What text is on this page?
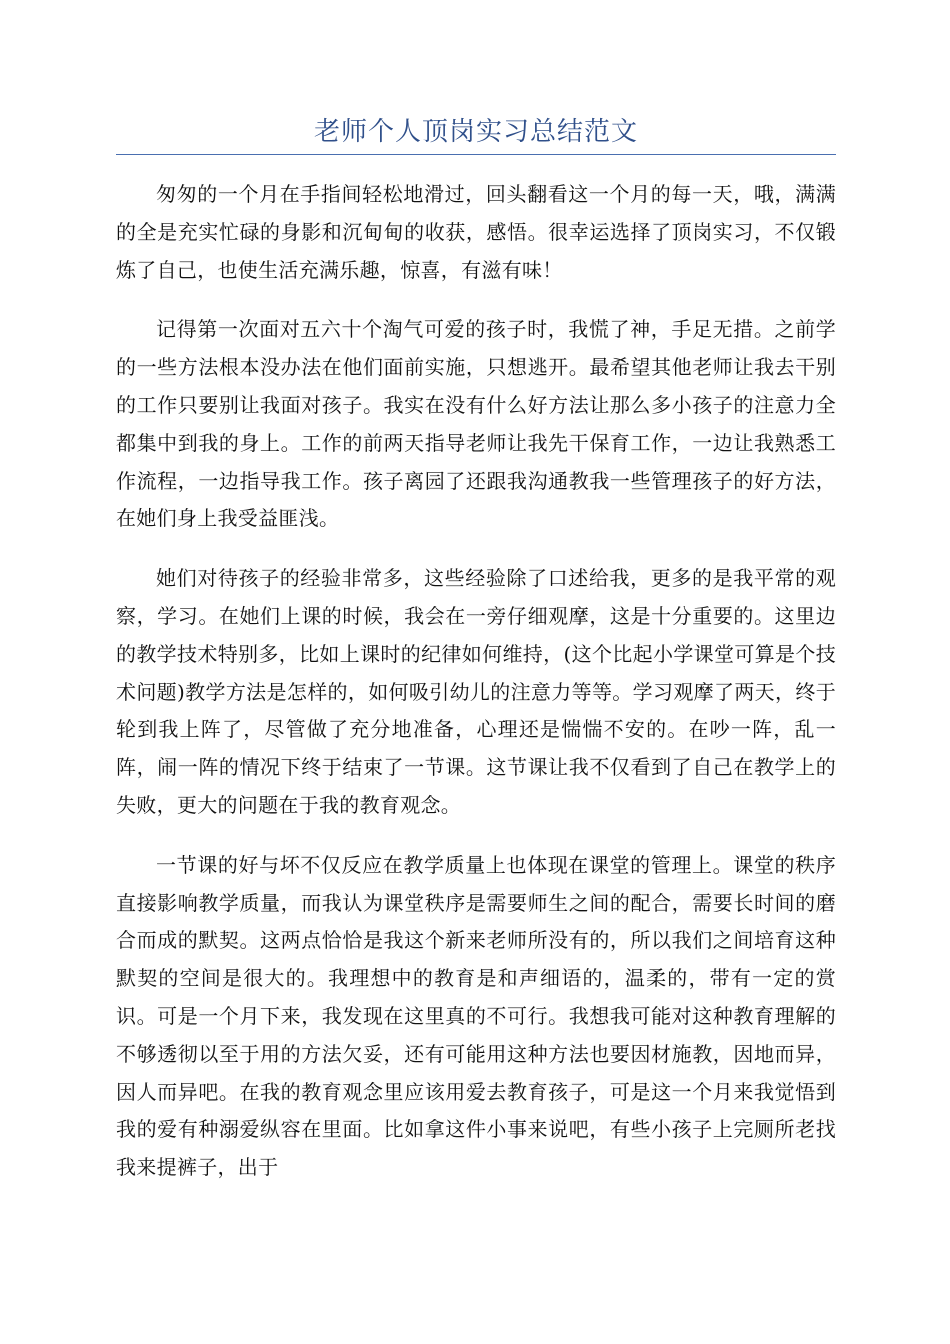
老师个人顶岗实习总结范文

匆匆的一个月在手指间轻松地滑过，回头翻看这一个月的每一天，哦，满满的全是充实忙碌的身影和沉甸甸的收获，感悟。很幸运选择了顶岗实习，不仅锻炼了自己，也使生活充满乐趣，惊喜，有滋有味！

记得第一次面对五六十个淘气可爱的孩子时，我慌了神，手足无措。之前学的一些方法根本没办法在他们面前实施，只想逃开。最希望其他老师让我去干别的工作只要别让我面对孩子。我实在没有什么好方法让那么多小孩子的注意力全都集中到我的身上。工作的前两天指导老师让我先干保育工作，一边让我熟悉工作流程，一边指导我工作。孩子离园了还跟我沟通教我一些管理孩子的好方法，在她们身上我受益匪浅。

她们对待孩子的经验非常多，这些经验除了口述给我，更多的是我平常的观察，学习。在她们上课的时候，我会在一旁仔细观摩，这是十分重要的。这里边的教学技术特别多，比如上课时的纪律如何维持，(这个比起小学课堂可算是个技术问题)教学方法是怎样的，如何吸引幼儿的注意力等等。学习观摩了两天，终于轮到我上阵了，尽管做了充分地准备，心理还是惴惴不安的。在吵一阵，乱一阵，闹一阵的情况下终于结束了一节课。这节课让我不仅看到了自己在教学上的失败，更大的问题在于我的教育观念。

一节课的好与坏不仅反应在教学质量上也体现在课堂的管理上。课堂的秩序直接影响教学质量，而我认为课堂秩序是需要师生之间的配合，需要长时间的磨合而成的默契。这两点恰恰是我这个新来老师所没有的，所以我们之间培育这种默契的空间是很大的。我理想中的教育是和声细语的，温柔的，带有一定的赏识。可是一个月下来，我发现在这里真的不可行。我想我可能对这种教育理解的不够透彻以至于用的方法欠妥，还有可能用这种方法也要因材施教，因地而异，因人而异吧。在我的教育观念里应该用爱去教育孩子，可是这一个月来我觉悟到我的爱有种溺爱纵容在里面。比如拿这件小事来说吧，有些小孩子上完厕所老找我来提裤子，出于
